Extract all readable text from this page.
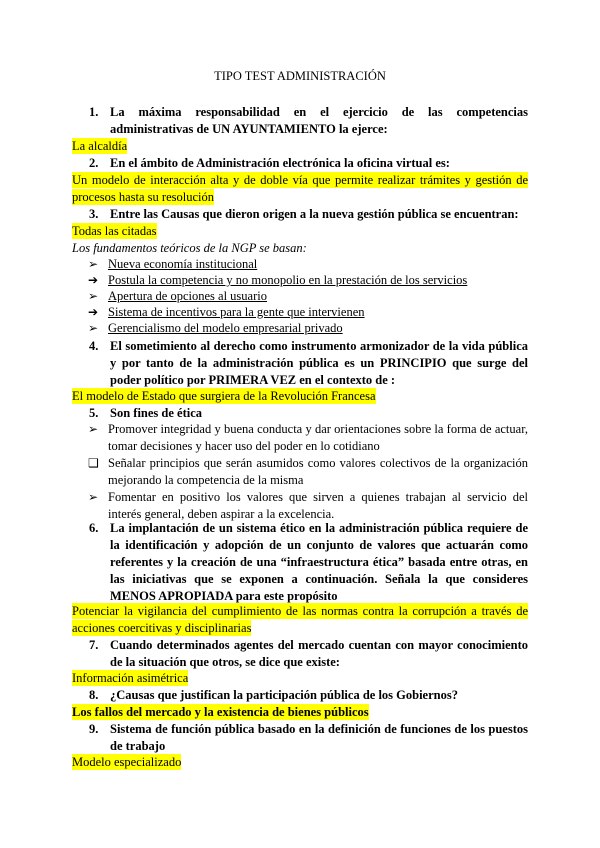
TIPO TEST ADMINISTRACIÓN
1. La máxima responsabilidad en el ejercicio de las competencias administrativas de UN AYUNTAMIENTO la ejerce:
La alcaldía
2. En el ámbito de Administración electrónica la oficina virtual es:
Un modelo de interacción alta y de doble vía que permite realizar trámites y gestión de procesos hasta su resolución
3. Entre las Causas que dieron origen a la nueva gestión pública se encuentran:
Todas las citadas
Los fundamentos teóricos de la NGP se basan:
➢ Nueva economía institucional
➔ Postula la competencia y no monopolio en la prestación de los servicios
➢ Apertura de opciones al usuario
➔ Sistema de incentivos para la gente que intervienen
➢ Gerencialismo del modelo empresarial privado
4. El sometimiento al derecho como instrumento armonizador de la vida pública y por tanto de la administración pública es un PRINCIPIO que surge del poder político por PRIMERA VEZ en el contexto de :
El modelo de Estado que surgiera de la Revolución Francesa
5. Son fines de ética
➢ Promover integridad y buena conducta y dar orientaciones sobre la forma de actuar, tomar decisiones y hacer uso del poder en lo cotidiano
❑ Señalar principios que serán asumidos como valores colectivos de la organización mejorando la competencia de la misma
➢ Fomentar en positivo los valores que sirven a quienes trabajan al servicio del interés general, deben aspirar a la excelencia.
6. La implantación de un sistema ético en la administración pública requiere de la identificación y adopción de un conjunto de valores que actuarán como referentes y la creación de una “infraestructura ética” basada entre otras, en las iniciativas que se exponen a continuación. Señala la que consideres MENOS APROPIADA para este propósito
Potenciar la vigilancia del cumplimiento de las normas contra la corrupción a través de acciones coercitivas y disciplinarias
7. Cuando determinados agentes del mercado cuentan con mayor conocimiento de la situación que otros, se dice que existe:
Información asimétrica
8. ¿Causas que justifican la participación pública de los Gobiernos?
Los fallos del mercado y la existencia de bienes públicos
9. Sistema de función pública basado en la definición de funciones de los puestos de trabajo
Modelo especializado
